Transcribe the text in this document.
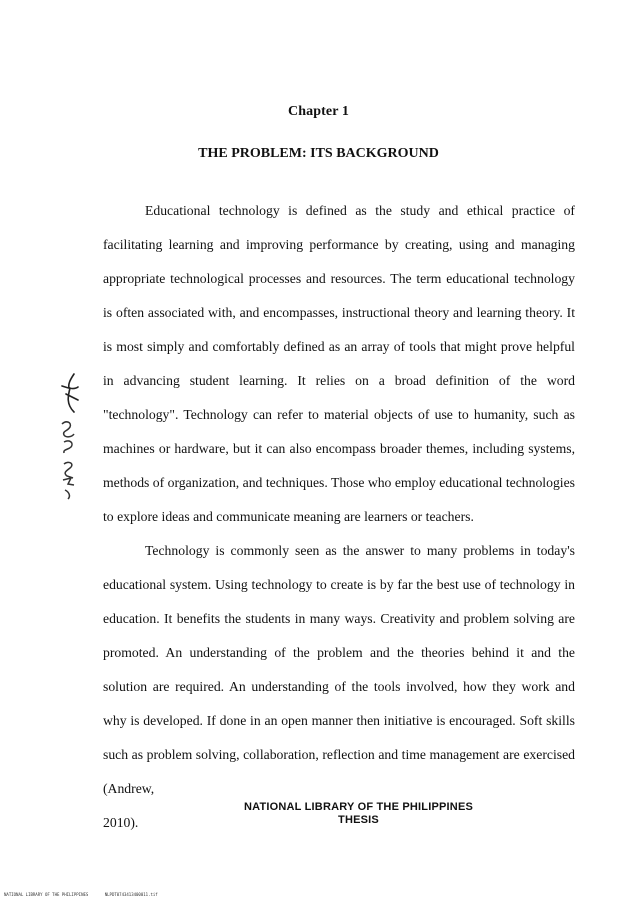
Chapter 1
THE PROBLEM: ITS BACKGROUND

Educational technology is defined as the study and ethical practice of facilitating learning and improving performance by creating, using and managing appropriate technological processes and resources. The term educational technology is often associated with, and encompasses, instructional theory and learning theory. It is most simply and comfortably defined as an array of tools that might prove helpful in advancing student learning. It relies on a broad definition of the word "technology". Technology can refer to material objects of use to humanity, such as machines or hardware, but it can also encompass broader themes, including systems, methods of organization, and techniques. Those who employ educational technologies to explore ideas and communicate meaning are learners or teachers.

Technology is commonly seen as the answer to many problems in today's educational system. Using technology to create is by far the best use of technology in education. It benefits the students in many ways. Creativity and problem solving are promoted. An understanding of the problem and the theories behind it and the solution are required. An understanding of the tools involved, how they work and why is developed. If done in an open manner then initiative is encouraged. Soft skills such as problem solving, collaboration, reflection and time management are exercised (Andrew,

2010).

NATIONAL LIBRARY OF THE PHILIPPINES
THESIS
NATIONAL LIBRARY OF THE PHILIPPINES	NLPDT0743413400011.tif
